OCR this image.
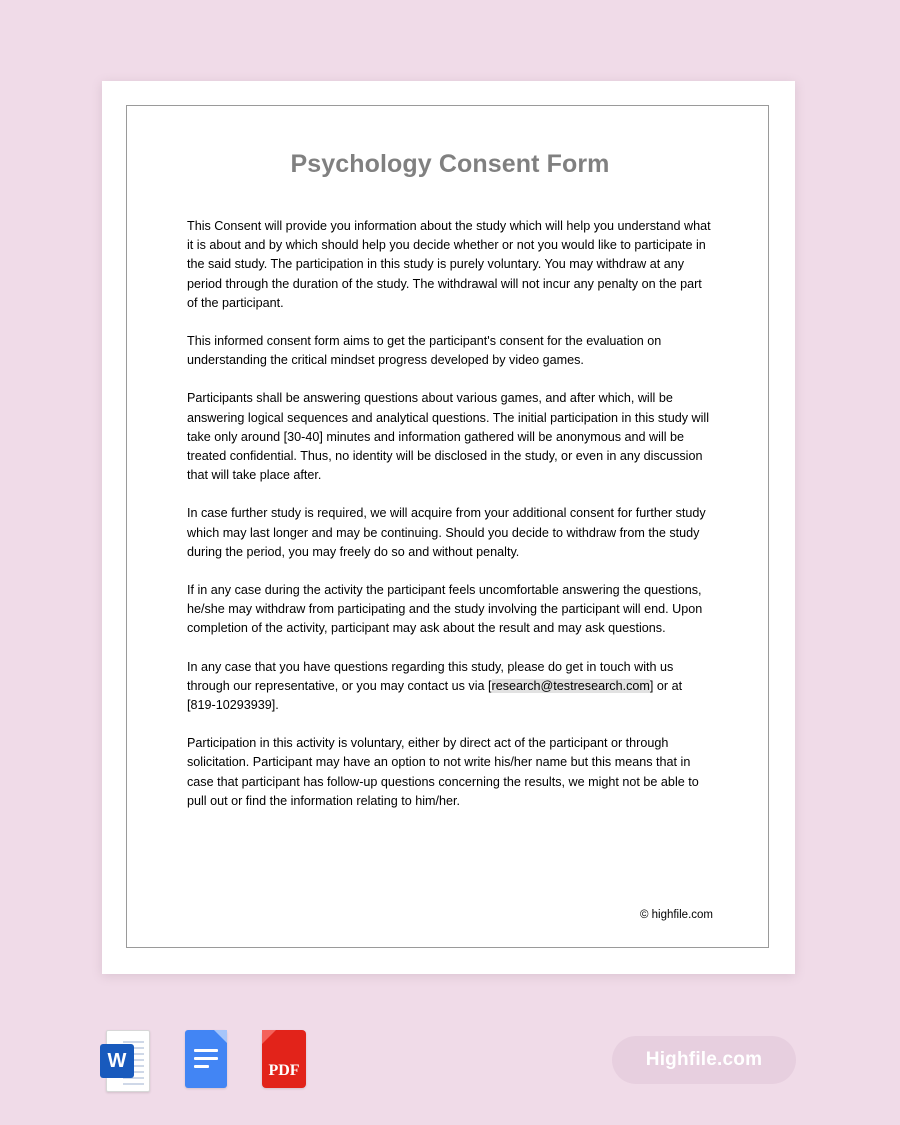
Psychology Consent Form

This Consent will provide you information about the study which will help you understand what it is about and by which should help you decide whether or not you would like to participate in the said study. The participation in this study is purely voluntary. You may withdraw at any period through the duration of the study. The withdrawal will not incur any penalty on the part of the participant.

This informed consent form aims to get the participant's consent for the evaluation on understanding the critical mindset progress developed by video games.

Participants shall be answering questions about various games, and after which, will be answering logical sequences and analytical questions. The initial participation in this study will take only around [30-40] minutes and information gathered will be anonymous and will be treated confidential. Thus, no identity will be disclosed in the study, or even in any discussion that will take place after.

In case further study is required, we will acquire from your additional consent for further study which may last longer and may be continuing. Should you decide to withdraw from the study during the period, you may freely do so and without penalty.

If in any case during the activity the participant feels uncomfortable answering the questions, he/she may withdraw from participating and the study involving the participant will end. Upon completion of the activity, participant may ask about the result and may ask questions.

In any case that you have questions regarding this study, please do get in touch with us through our representative, or you may contact us via [research@testresearch.com] or at [819-10293939].

Participation in this activity is voluntary, either by direct act of the participant or through solicitation. Participant may have an option to not write his/her name but this means that in case that participant has follow-up questions concerning the results, we might not be able to pull out or find the information relating to him/her.

© highfile.com
W	PDF
Highfile.com
